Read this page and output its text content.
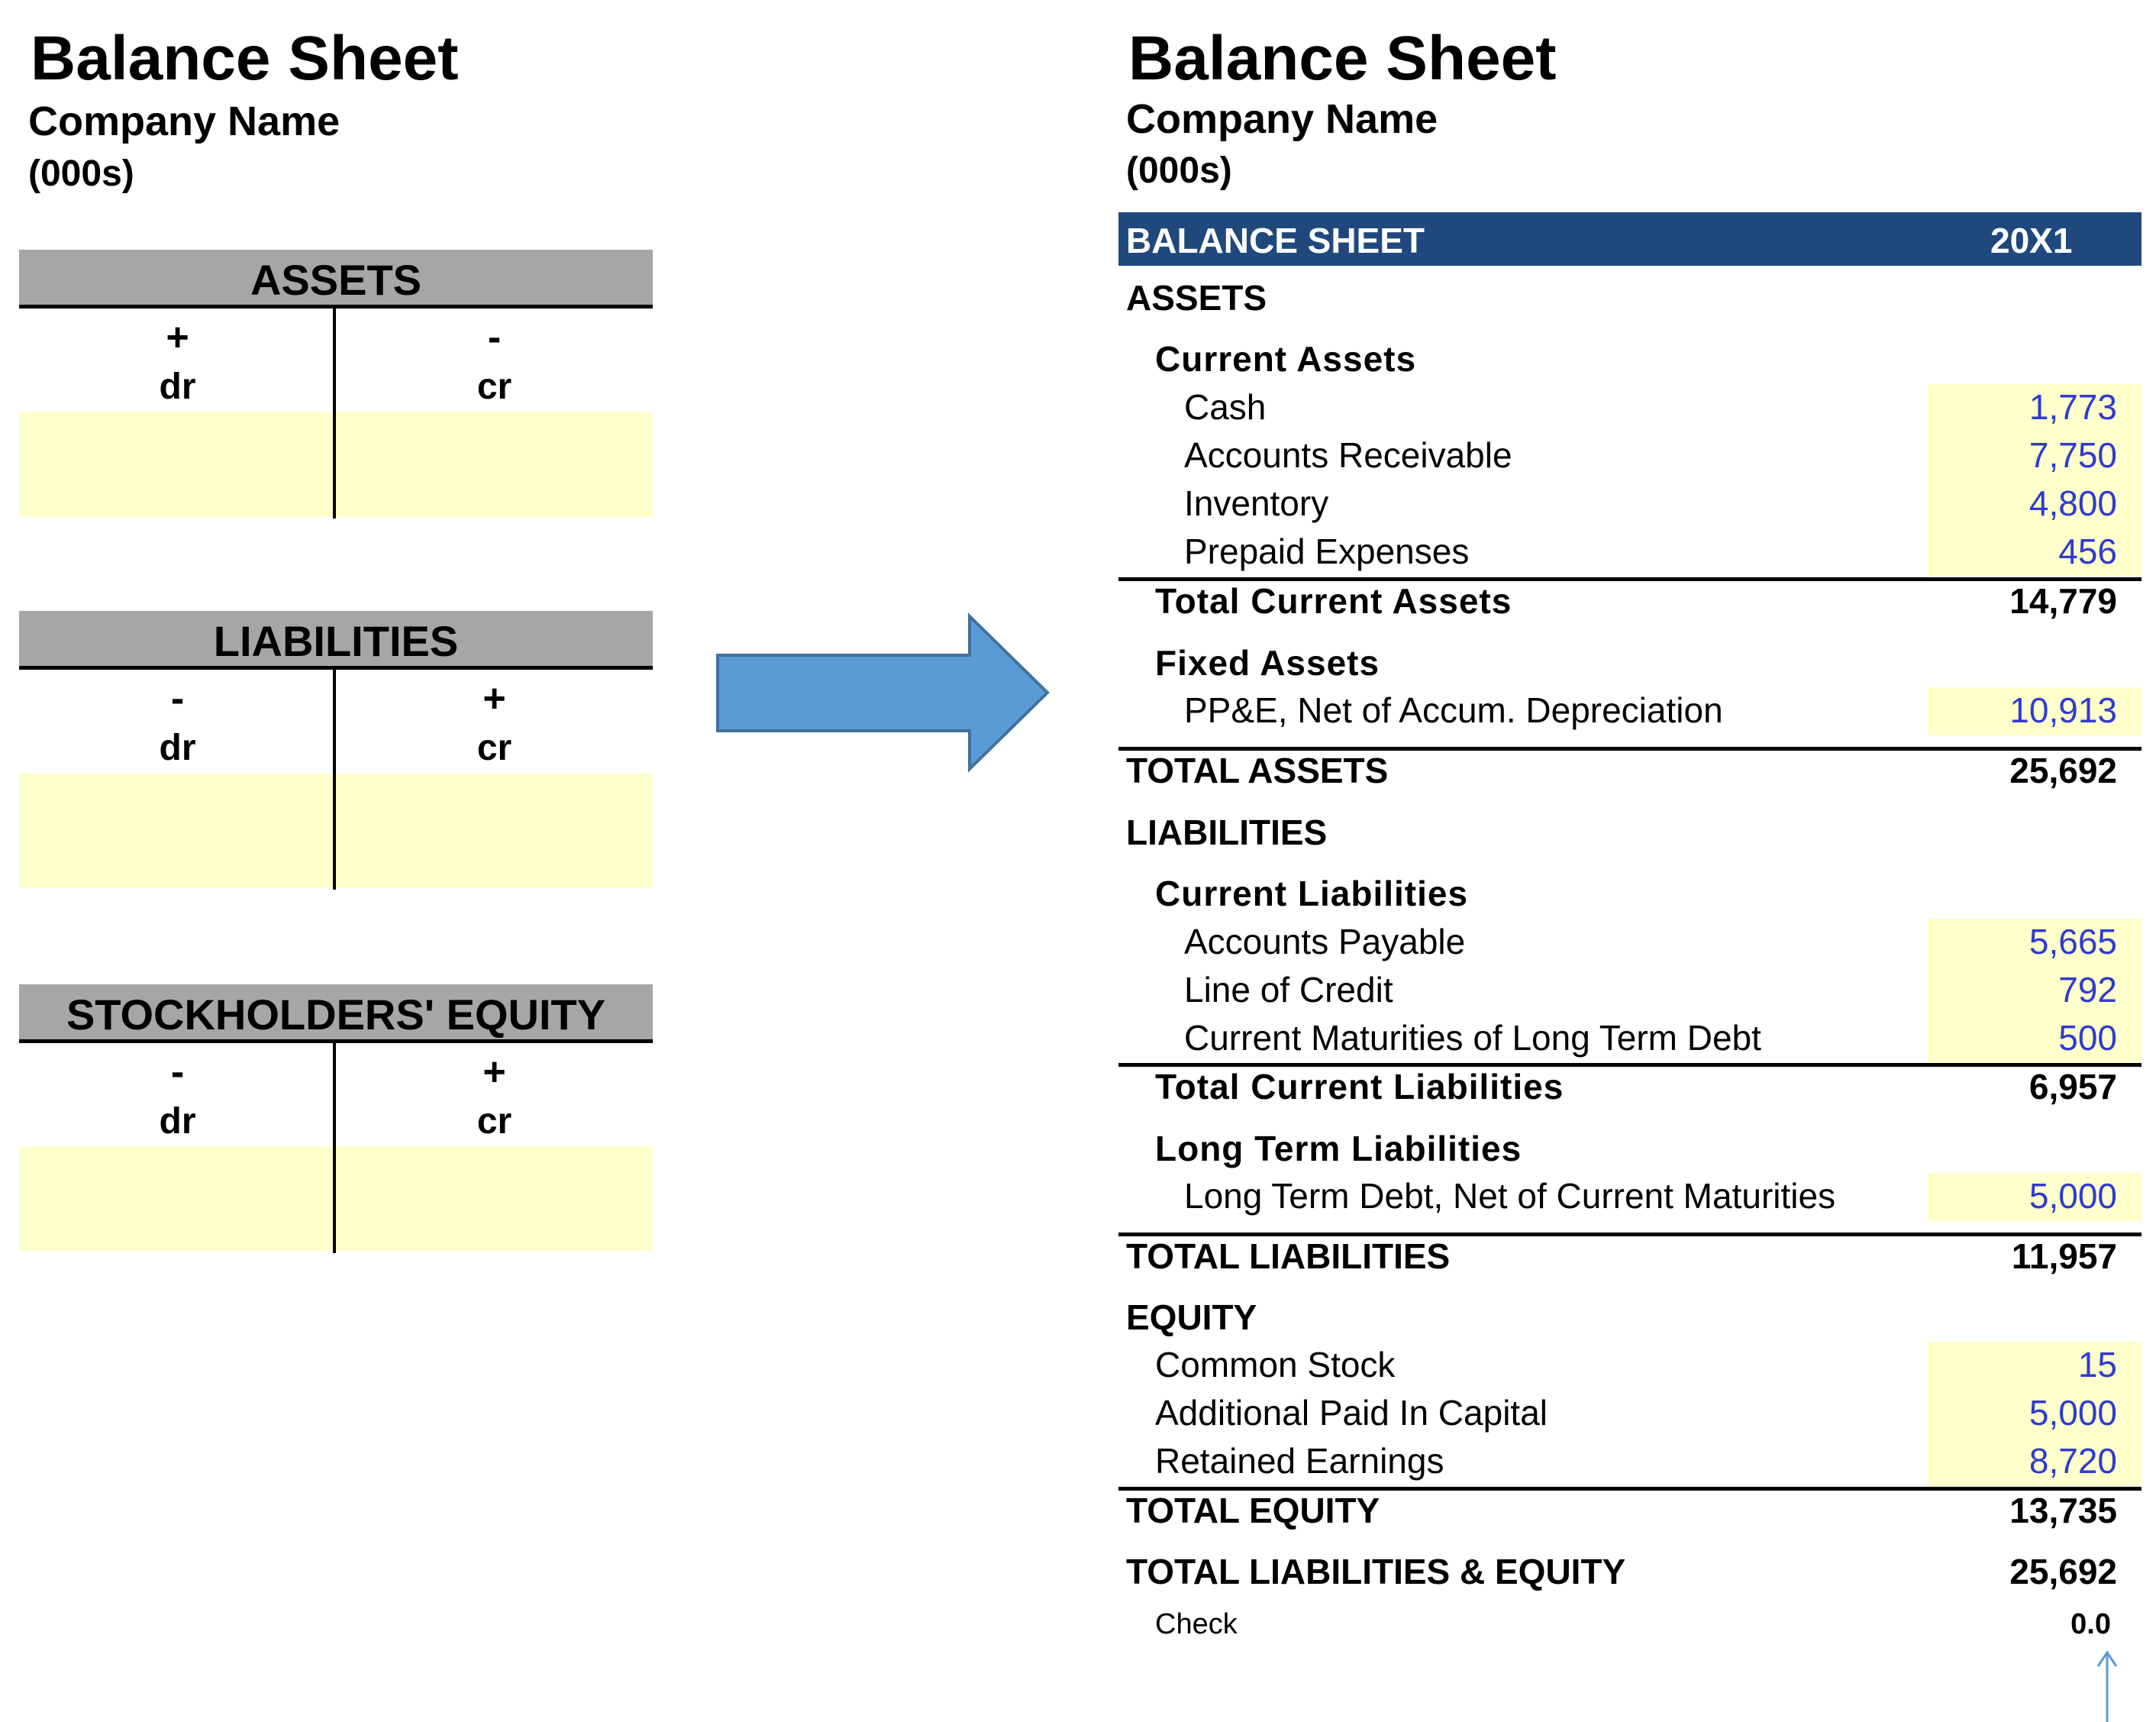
Balance Sheet
Company Name
(000s)
ASSETS
+	-
dr	cr
LIABILITIES
-	+
dr	cr
STOCKHOLDERS' EQUITY
-	+
dr	cr
Balance Sheet
Company Name
(000s)
BALANCE SHEET	20X1
ASSETS
Current Assets
Cash	1,773
Accounts Receivable	7,750
Inventory	4,800
Prepaid Expenses	456
Total Current Assets	14,779
Fixed Assets
PP&E, Net of Accum. Depreciation	10,913
TOTAL ASSETS	25,692
LIABILITIES
Current Liabilities
Accounts Payable	5,665
Line of Credit	792
Current Maturities of Long Term Debt	500
Total Current Liabilities	6,957
Long Term Liabilities
Long Term Debt, Net of Current Maturities	5,000
TOTAL LIABILITIES	11,957
EQUITY
Common Stock	15
Additional Paid In Capital	5,000
Retained Earnings	8,720
TOTAL EQUITY	13,735
TOTAL LIABILITIES & EQUITY	25,692
Check	0.0
